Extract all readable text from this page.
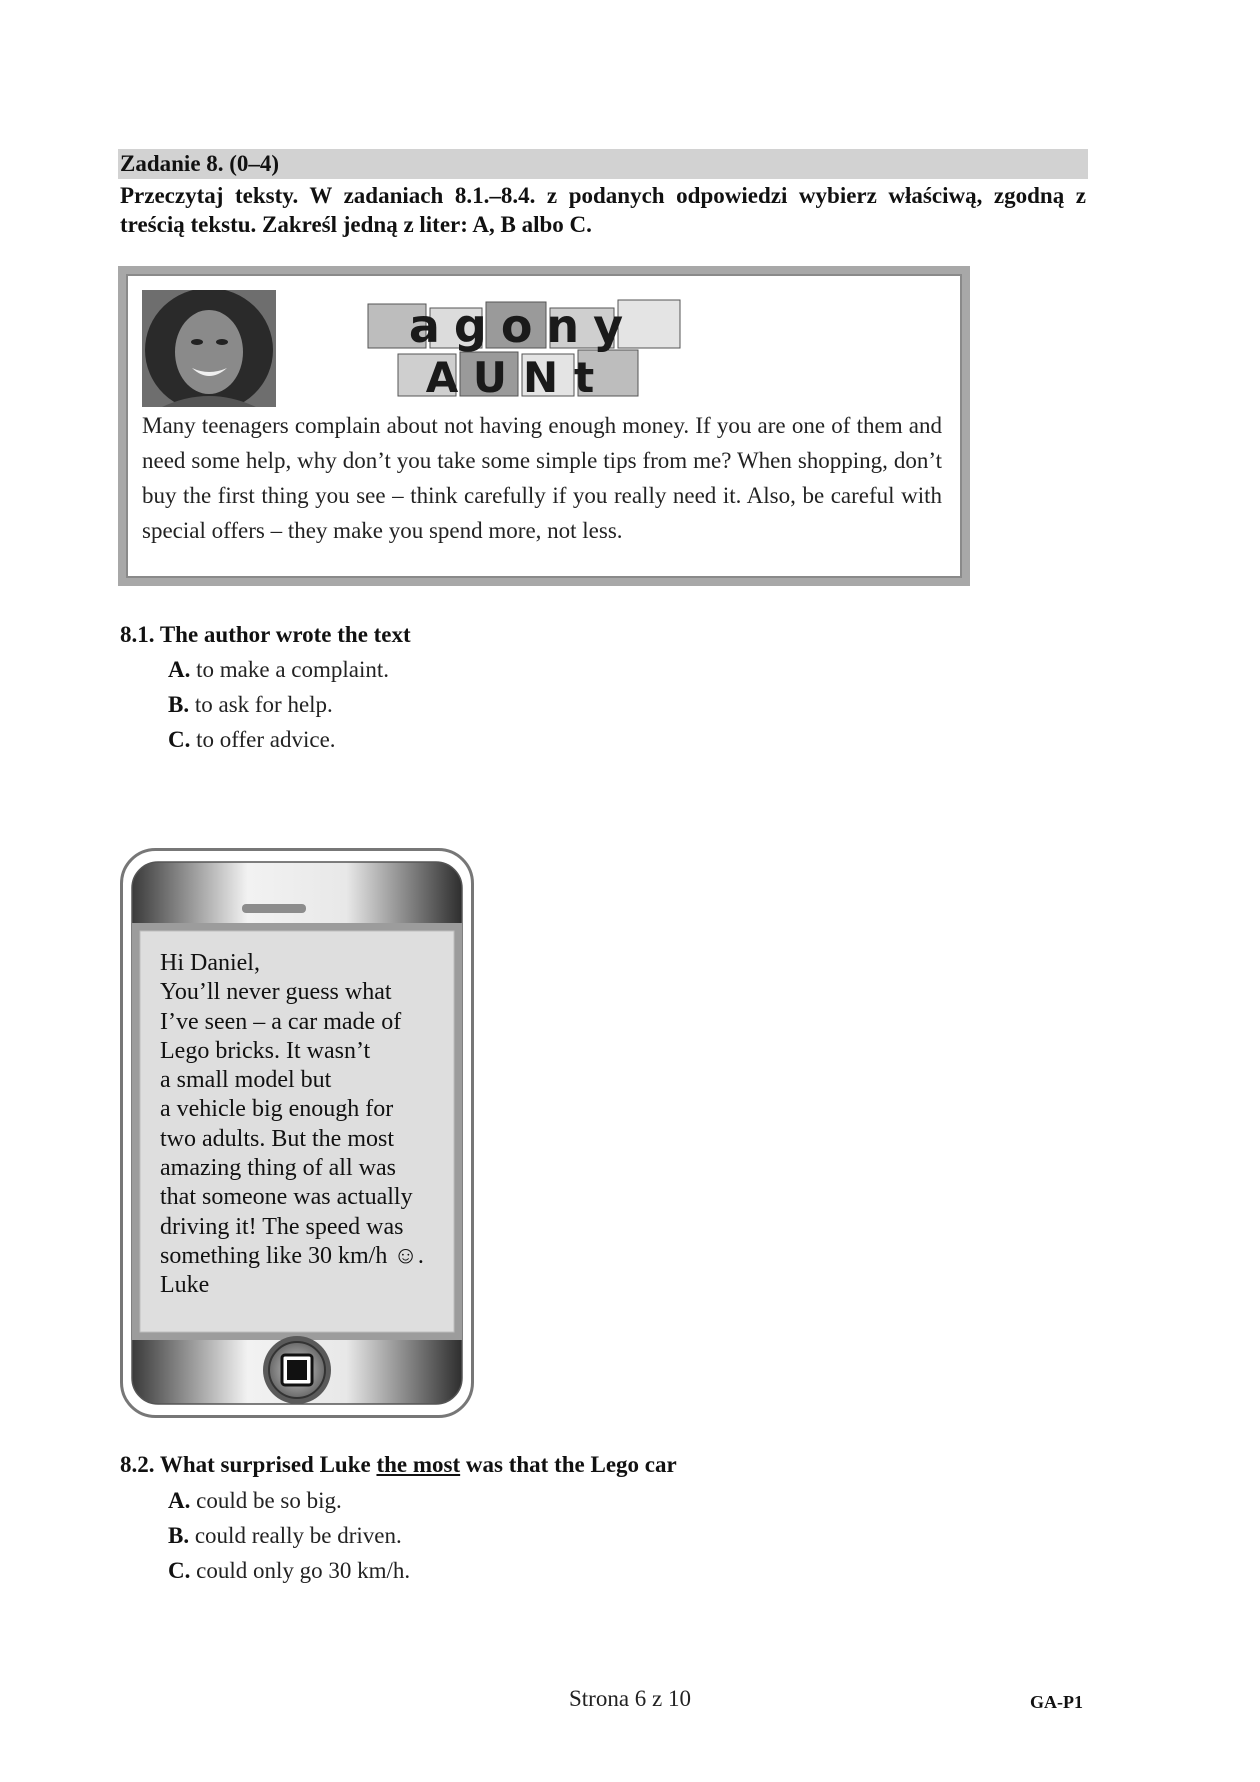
Zadanie 8. (0–4)
Przeczytaj teksty. W zadaniach 8.1.–8.4. z podanych odpowiedzi wybierz właściwą, zgodną z treścią tekstu. Zakreśl jedną z liter: A, B albo C.
agony
AUNt
Many teenagers complain about not having enough money. If you are one of them and need some help, why don’t you take some simple tips from me? When shopping, don’t buy the first thing you see – think carefully if you really need it. Also, be careful with special offers – they make you spend more, not less.
8.1. The author wrote the text
A. to make a complaint.
B. to ask for help.
C. to offer advice.
Hi Daniel,
You’ll never guess what
I’ve seen – a car made of
Lego bricks. It wasn’t
a small model but
a vehicle big enough for
two adults. But the most
amazing thing of all was
that someone was actually
driving it! The speed was
something like 30 km/h ☺.
Luke
8.2. What surprised Luke the most was that the Lego car
A. could be so big.
B. could really be driven.
C. could only go 30 km/h.
Strona 6 z 10	GA-P1
